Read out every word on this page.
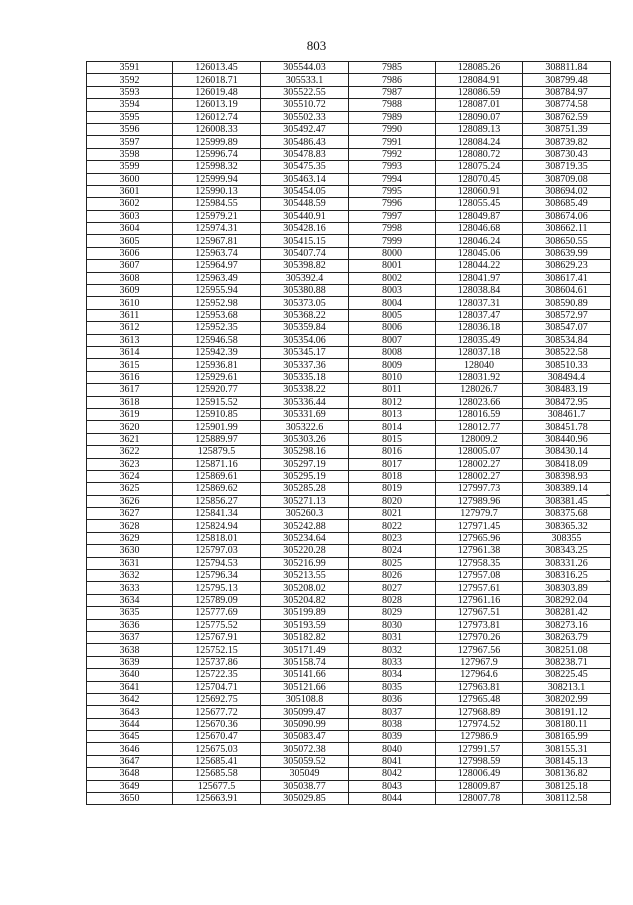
803
3591	126013.45	305544.03	7985	128085.26	308811.84
3592	126018.71	305533.1	7986	128084.91	308799.48
3593	126019.48	305522.55	7987	128086.59	308784.97
3594	126013.19	305510.72	7988	128087.01	308774.58
3595	126012.74	305502.33	7989	128090.07	308762.59
3596	126008.33	305492.47	7990	128089.13	308751.39
3597	125999.89	305486.43	7991	128084.24	308739.82
3598	125996.74	305478.83	7992	128080.72	308730.43
3599	125998.32	305475.35	7993	128075.24	308719.35
3600	125999.94	305463.14	7994	128070.45	308709.08
3601	125990.13	305454.05	7995	128060.91	308694.02
3602	125984.55	305448.59	7996	128055.45	308685.49
3603	125979.21	305440.91	7997	128049.87	308674.06
3604	125974.31	305428.16	7998	128046.68	308662.11
3605	125967.81	305415.15	7999	128046.24	308650.55
3606	125963.74	305407.74	8000	128045.06	308639.99
3607	125964.97	305398.82	8001	128044.22	308629.23
3608	125963.49	305392.4	8002	128041.97	308617.41
3609	125955.94	305380.88	8003	128038.84	308604.61
3610	125952.98	305373.05	8004	128037.31	308590.89
3611	125953.68	305368.22	8005	128037.47	308572.97
3612	125952.35	305359.84	8006	128036.18	308547.07
3613	125946.58	305354.06	8007	128035.49	308534.84
3614	125942.39	305345.17	8008	128037.18	308522.58
3615	125936.81	305337.36	8009	128040	308510.33
3616	125929.61	305335.18	8010	128031.92	308494.4
3617	125920.77	305338.22	8011	128026.7	308483.19
3618	125915.52	305336.44	8012	128023.66	308472.95
3619	125910.85	305331.69	8013	128016.59	308461.7
3620	125901.99	305322.6	8014	128012.77	308451.78
3621	125889.97	305303.26	8015	128009.2	308440.96
3622	125879.5	305298.16	8016	128005.07	308430.14
3623	125871.16	305297.19	8017	128002.27	308418.09
3624	125869.61	305295.19	8018	128002.27	308398.93
3625	125869.62	305285.28	8019	127997.73	308389.14
3626	125856.27	305271.13	8020	127989.96	308381.45
3627	125841.34	305260.3	8021	127979.7	308375.68
3628	125824.94	305242.88	8022	127971.45	308365.32
3629	125818.01	305234.64	8023	127965.96	308355
3630	125797.03	305220.28	8024	127961.38	308343.25
3631	125794.53	305216.99	8025	127958.35	308331.26
3632	125796.34	305213.55	8026	127957.08	308316.25
3633	125795.13	305208.02	8027	127957.61	308303.89
3634	125789.09	305204.82	8028	127961.16	308292.04
3635	125777.69	305199.89	8029	127967.51	308281.42
3636	125775.52	305193.59	8030	127973.81	308273.16
3637	125767.91	305182.82	8031	127970.26	308263.79
3638	125752.15	305171.49	8032	127967.56	308251.08
3639	125737.86	305158.74	8033	127967.9	308238.71
3640	125722.35	305141.66	8034	127964.6	308225.45
3641	125704.71	305121.66	8035	127963.81	308213.1
3642	125692.75	305108.8	8036	127965.48	308202.99
3643	125677.72	305099.47	8037	127968.89	308191.12
3644	125670.36	305090.99	8038	127974.52	308180.11
3645	125670.47	305083.47	8039	127986.9	308165.99
3646	125675.03	305072.38	8040	127991.57	308155.31
3647	125685.41	305059.52	8041	127998.59	308145.13
3648	125685.58	305049	8042	128006.49	308136.82
3649	125677.5	305038.77	8043	128009.87	308125.18
3650	125663.91	305029.85	8044	128007.78	308112.58
-
-
